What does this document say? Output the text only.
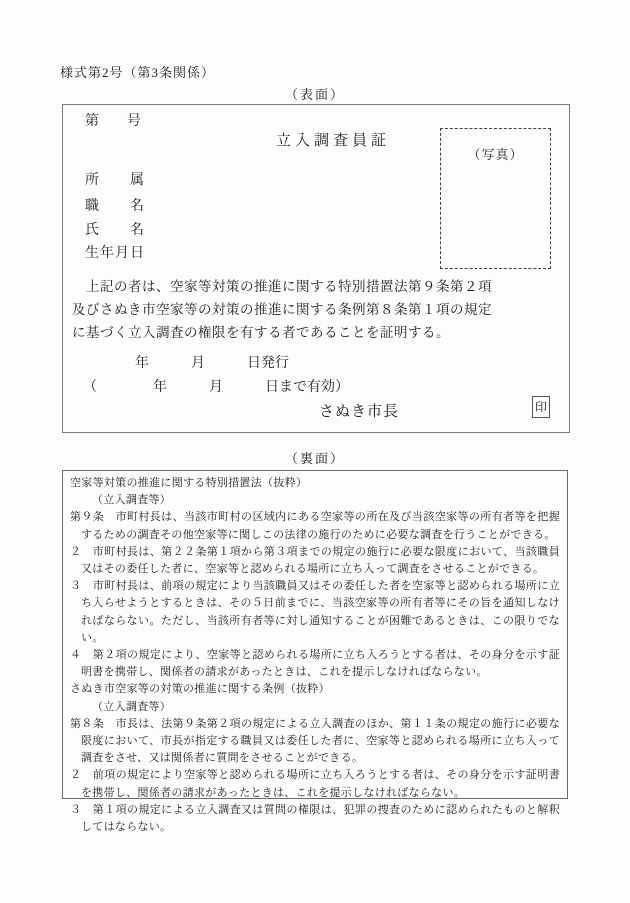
様式第2号（第3条関係）
（表面）
第　　号
立入調査員証
（写真）
所　　属
職　　名
氏　　名
生年月日
　上記の者は、空家等対策の推進に関する特別措置法第９条第２項
及びさぬき市空家等の対策の推進に関する条例第８条第１項の規定
に基づく立入調査の権限を有する者であることを証明する。
年　　　月　　　日発行
（　　　　年　　　月　　　日まで有効）
さぬき市長	印
（裏面）

空家等対策の推進に関する特別措置法（抜粋）

（立入調査等）

第９条　市町村長は、当該市町村の区域内にある空家等の所在及び当該空家等の所有者等を把握するための調査その他空家等に関しこの法律の施行のために必要な調査を行うことができる。

２　市町村長は、第２２条第１項から第３項までの規定の施行に必要な限度において、当該職員又はその委任した者に、空家等と認められる場所に立ち入って調査をさせることができる。

３　市町村長は、前項の規定により当該職員又はその委任した者を空家等と認められる場所に立ち入らせようとするときは、その５日前までに、当該空家等の所有者等にその旨を通知しなければならない。ただし、当該所有者等に対し通知することが困難であるときは、この限りでない。

４　第２項の規定により、空家等と認められる場所に立ち入ろうとする者は、その身分を示す証明書を携帯し、関係者の請求があったときは、これを提示しなければならない。

さぬき市空家等の対策の推進に関する条例（抜粋）

（立入調査等）

第８条　市長は、法第９条第２項の規定による立入調査のほか、第１１条の規定の施行に必要な限度において、市長が指定する職員又は委任した者に、空家等と認められる場所に立ち入って調査をさせ、又は関係者に質問をさせることができる。

２　前項の規定により空家等と認められる場所に立ち入ろうとする者は、その身分を示す証明書を携帯し、関係者の請求があったときは、これを提示しなければならない。

３　第１項の規定による立入調査又は質問の権限は、犯罪の捜査のために認められたものと解釈してはならない。
